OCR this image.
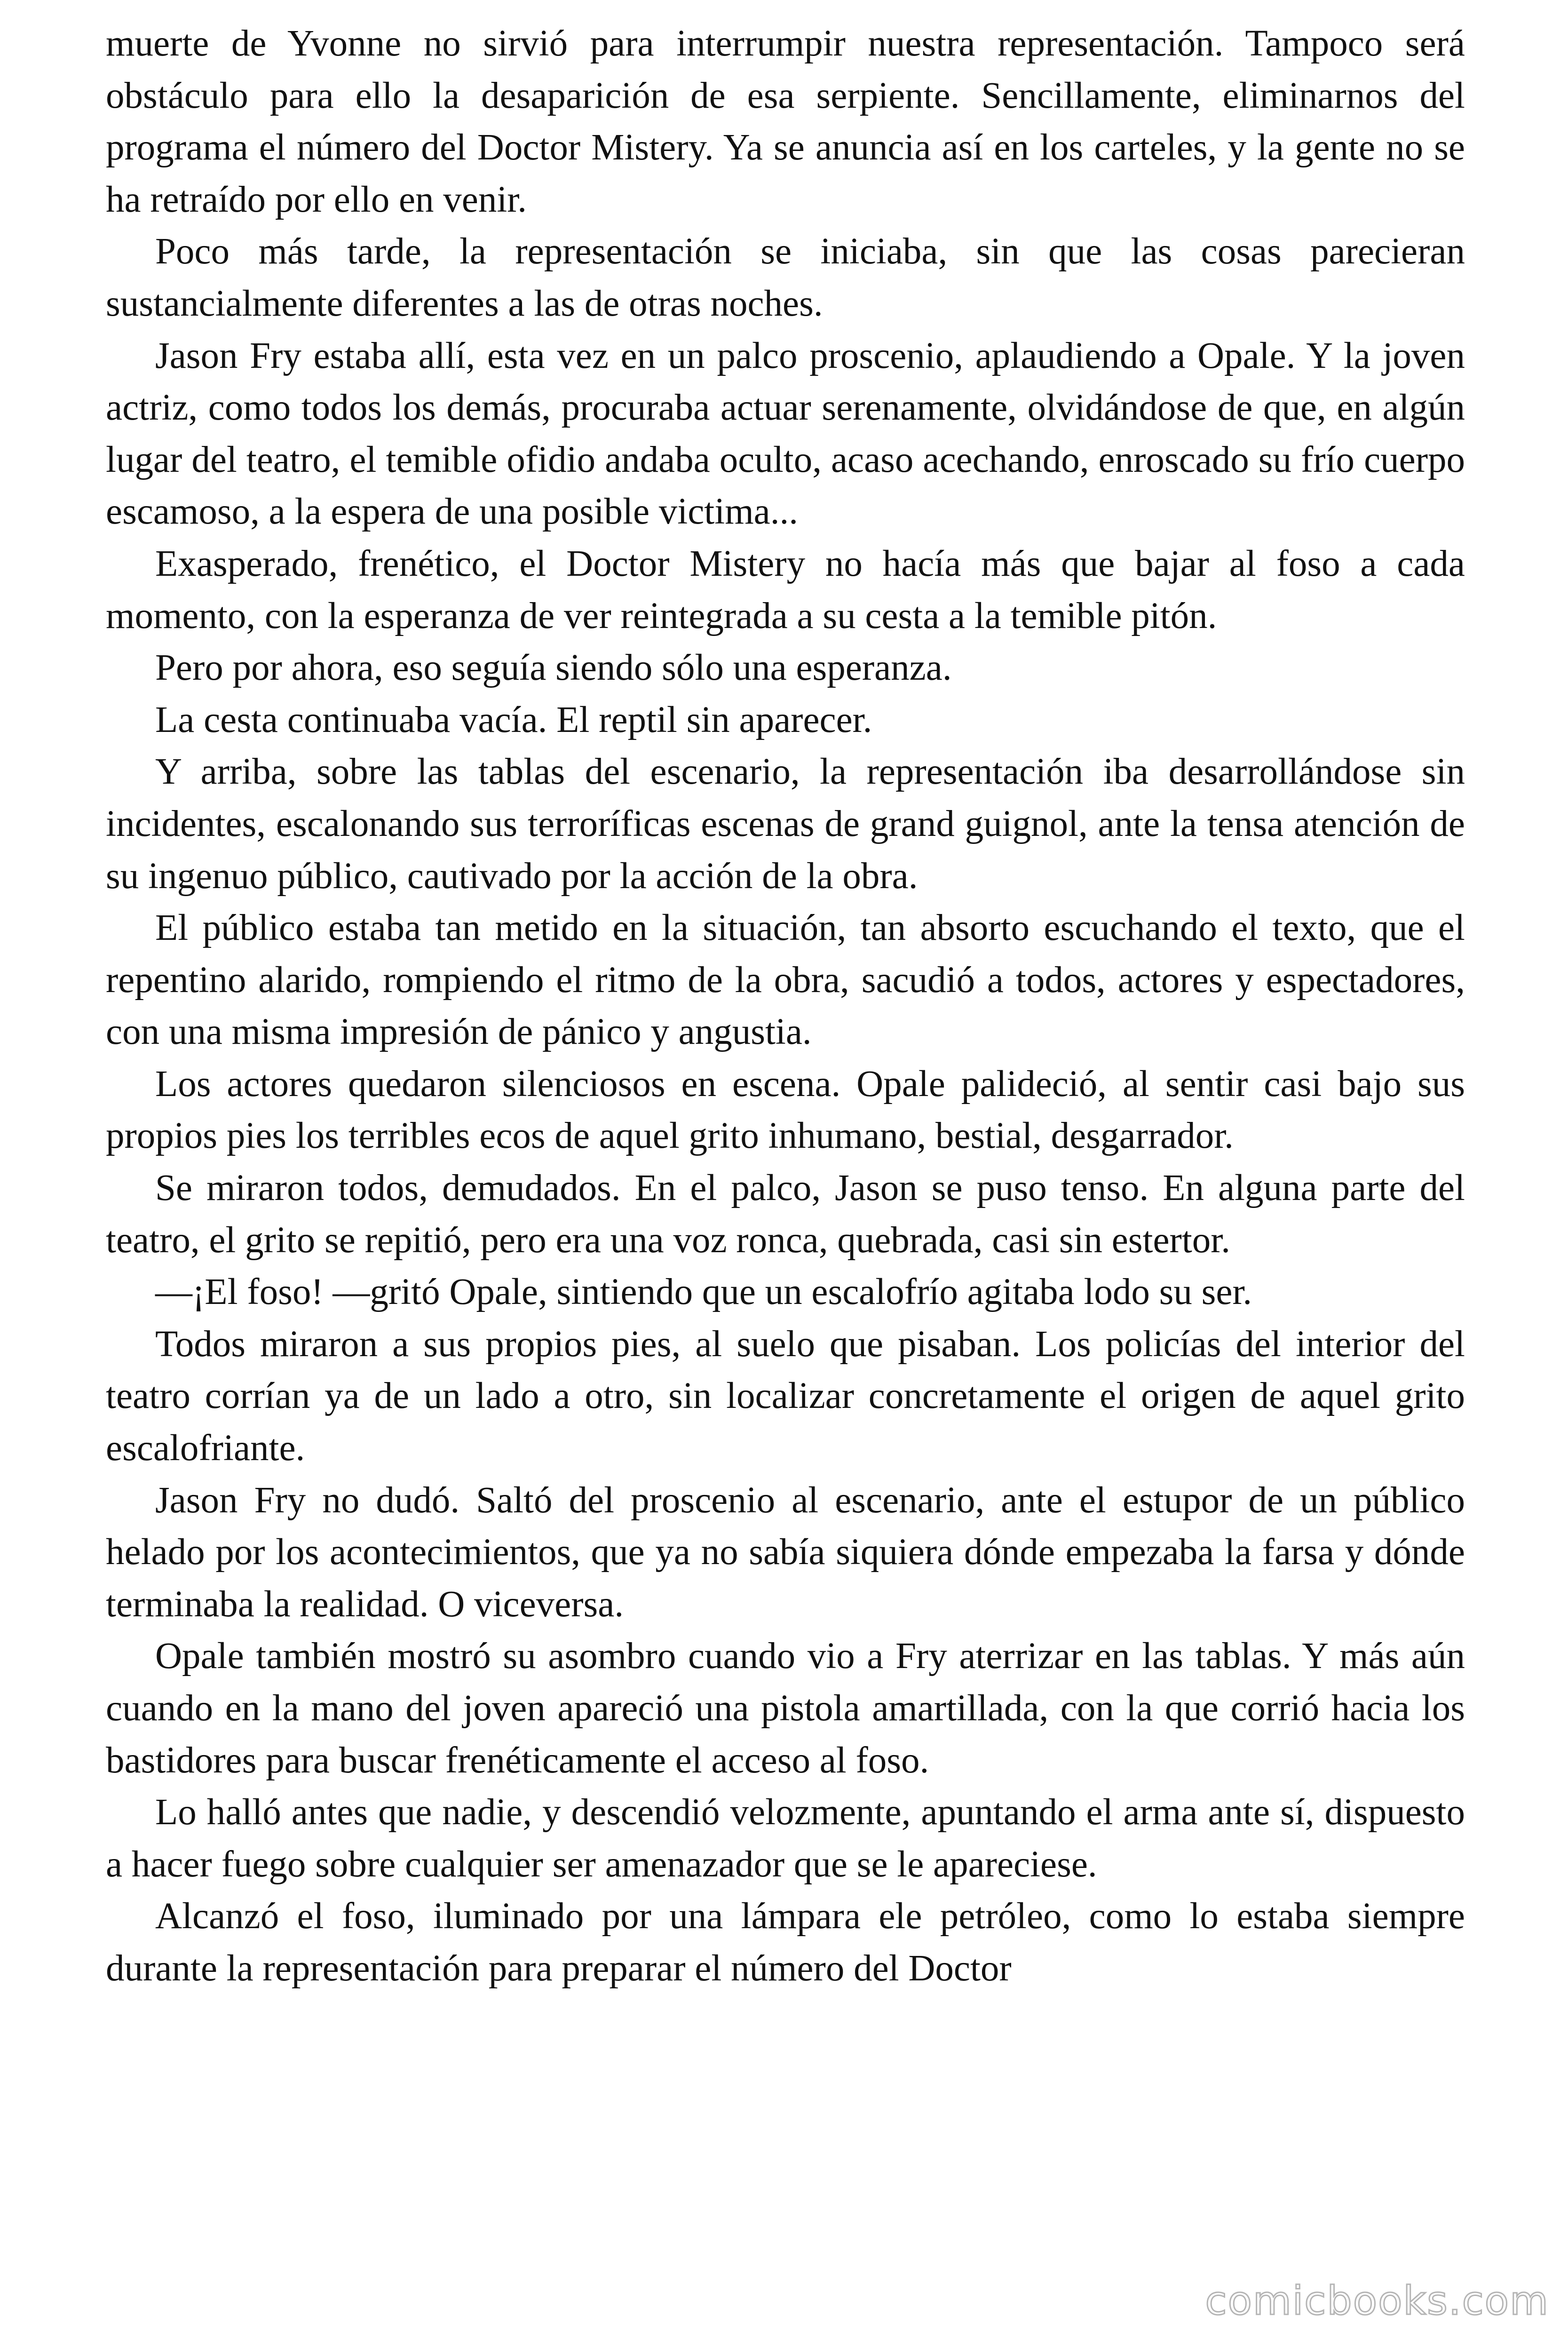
muerte de Yvonne no sirvió para interrumpir nuestra representación. Tampoco será obstáculo para ello la desaparición de esa serpiente. Sencillamente, eliminarnos del programa el número del Doctor Mistery. Ya se anuncia así en los carteles, y la gente no se ha retraído por ello en venir.

Poco más tarde, la representación se iniciaba, sin que las cosas parecieran sustancialmente diferentes a las de otras noches.

Jason Fry estaba allí, esta vez en un palco proscenio, aplaudiendo a Opale. Y la joven actriz, como todos los demás, procuraba actuar serenamente, olvidándose de que, en algún lugar del teatro, el temible ofidio andaba oculto, acaso acechando, enroscado su frío cuerpo escamoso, a la espera de una posible victima...

Exasperado, frenético, el Doctor Mistery no hacía más que bajar al foso a cada momento, con la esperanza de ver reintegrada a su cesta a la temible pitón.

Pero por ahora, eso seguía siendo sólo una esperanza.

La cesta continuaba vacía. El reptil sin aparecer.

Y arriba, sobre las tablas del escenario, la representación iba desarrollándose sin incidentes, escalonando sus terroríficas escenas de grand guignol, ante la tensa atención de su ingenuo público, cautivado por la acción de la obra.

El público estaba tan metido en la situación, tan absorto escuchando el texto, que el repentino alarido, rompiendo el ritmo de la obra, sacudió a todos, actores y espectadores, con una misma impresión de pánico y angustia.

Los actores quedaron silenciosos en escena. Opale palideció, al sentir casi bajo sus propios pies los terribles ecos de aquel grito inhumano, bestial, desgarrador.

Se miraron todos, demudados. En el palco, Jason se puso tenso. En alguna parte del teatro, el grito se repitió, pero era una voz ronca, quebrada, casi sin estertor.

—¡El foso! —gritó Opale, sintiendo que un escalofrío agitaba lodo su ser.

Todos miraron a sus propios pies, al suelo que pisaban. Los policías del interior del teatro corrían ya de un lado a otro, sin localizar concretamente el origen de aquel grito escalofriante.

Jason Fry no dudó. Saltó del proscenio al escenario, ante el estupor de un público helado por los acontecimientos, que ya no sabía siquiera dónde empezaba la farsa y dónde terminaba la realidad. O viceversa.

Opale también mostró su asombro cuando vio a Fry aterrizar en las tablas. Y más aún cuando en la mano del joven apareció una pistola amartillada, con la que corrió hacia los bastidores para buscar frenéticamente el acceso al foso.

Lo halló antes que nadie, y descendió velozmente, apuntando el arma ante sí, dispuesto a hacer fuego sobre cualquier ser amenazador que se le apareciese.

Alcanzó el foso, iluminado por una lámpara ele petróleo, como lo estaba siempre durante la representación para preparar el número del Doctor

comicbooks.com
